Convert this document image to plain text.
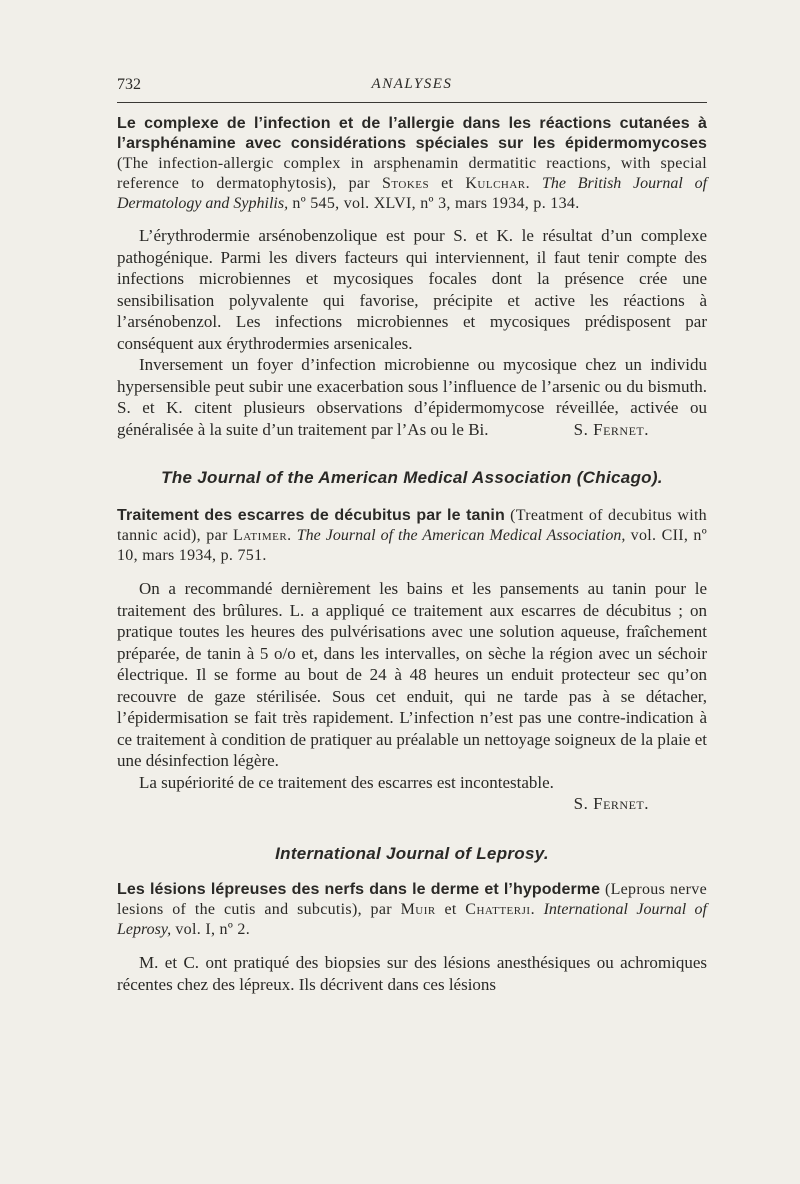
732	ANALYSES

Le complexe de l’infection et de l’allergie dans les réactions cutanées à l’arsphénamine avec considérations spéciales sur les épidermomycoses (The infection-allergic complex in arsphenamin dermatitic reactions, with special reference to dermatophytosis), par Stokes et Kulchar. The British Journal of Dermatology and Syphilis, nº 545, vol. XLVI, nº 3, mars 1934, p. 134.

L’érythrodermie arsénobenzolique est pour S. et K. le résultat d’un complexe pathogénique. Parmi les divers facteurs qui interviennent, il faut tenir compte des infections microbiennes et mycosiques focales dont la présence crée une sensibilisation polyvalente qui favorise, précipite et active les réactions à l’arsénobenzol. Les infections microbiennes et mycosiques prédisposent par conséquent aux érythrodermies arsenicales.

Inversement un foyer d’infection microbienne ou mycosique chez un individu hypersensible peut subir une exacerbation sous l’influence de l’arsenic ou du bismuth. S. et K. citent plusieurs observations d’épidermomycose réveillée, activée ou généralisée à la suite d’un traitement par l’As ou le Bi.	S. Fernet.

The Journal of the American Medical Association (Chicago).

Traitement des escarres de décubitus par le tanin (Treatment of decubitus with tannic acid), par Latimer. The Journal of the American Medical Association, vol. CII, nº 10, mars 1934, p. 751.

On a recommandé dernièrement les bains et les pansements au tanin pour le traitement des brûlures. L. a appliqué ce traitement aux escarres de décubitus ; on pratique toutes les heures des pulvérisations avec une solution aqueuse, fraîchement préparée, de tanin à 5 o/o et, dans les intervalles, on sèche la région avec un séchoir électrique. Il se forme au bout de 24 à 48 heures un enduit protecteur sec qu’on recouvre de gaze stérilisée. Sous cet enduit, qui ne tarde pas à se détacher, l’épidermisation se fait très rapidement. L’infection n’est pas une contre-indication à ce traitement à condition de pratiquer au préalable un nettoyage soigneux de la plaie et une désinfection légère.

La supériorité de ce traitement des escarres est incontestable.

S. Fernet.

International Journal of Leprosy.

Les lésions lépreuses des nerfs dans le derme et l’hypoderme (Leprous nerve lesions of the cutis and subcutis), par Muir et Chatterji. International Journal of Leprosy, vol. I, nº 2.

M. et C. ont pratiqué des biopsies sur des lésions anesthésiques ou achromiques récentes chez des lépreux. Ils décrivent dans ces lésions
